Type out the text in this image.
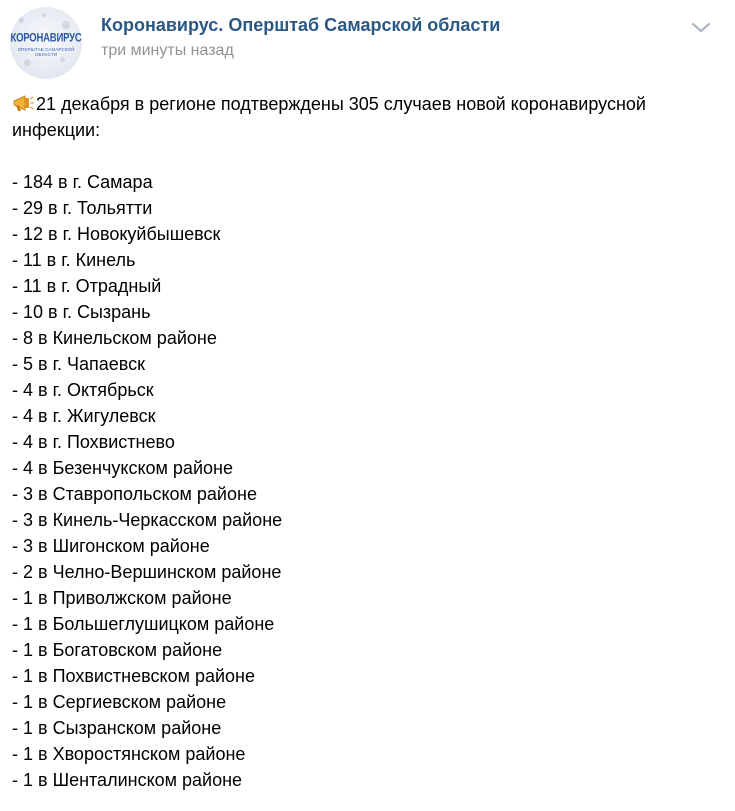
КОРОНАВИРУС
ОПЕРШТАБ САМАРСКОЙ ОБЛАСТИ
Коронавирус. Оперштаб Самарской области
три минуты назад

21 декабря в регионе подтверждены 305 случаев новой коронавирусной инфекции:

- 184 в г. Самара
- 29 в г. Тольятти
- 12 в г. Новокуйбышевск
- 11 в г. Кинель
- 11 в г. Отрадный
- 10 в г. Сызрань
- 8 в Кинельском районе
- 5 в г. Чапаевск
- 4 в г. Октябрьск
- 4 в г. Жигулевск
- 4 в г. Похвистнево
- 4 в Безенчукском районе
- 3 в Ставропольском районе
- 3 в Кинель-Черкасском районе
- 3 в Шигонском районе
- 2 в Челно-Вершинском районе
- 1 в Приволжском районе
- 1 в Большеглушицком районе
- 1 в Богатовском районе
- 1 в Похвистневском районе
- 1 в Сергиевском районе
- 1 в Сызранском районе
- 1 в Хворостянском районе
- 1 в Шенталинском районе
